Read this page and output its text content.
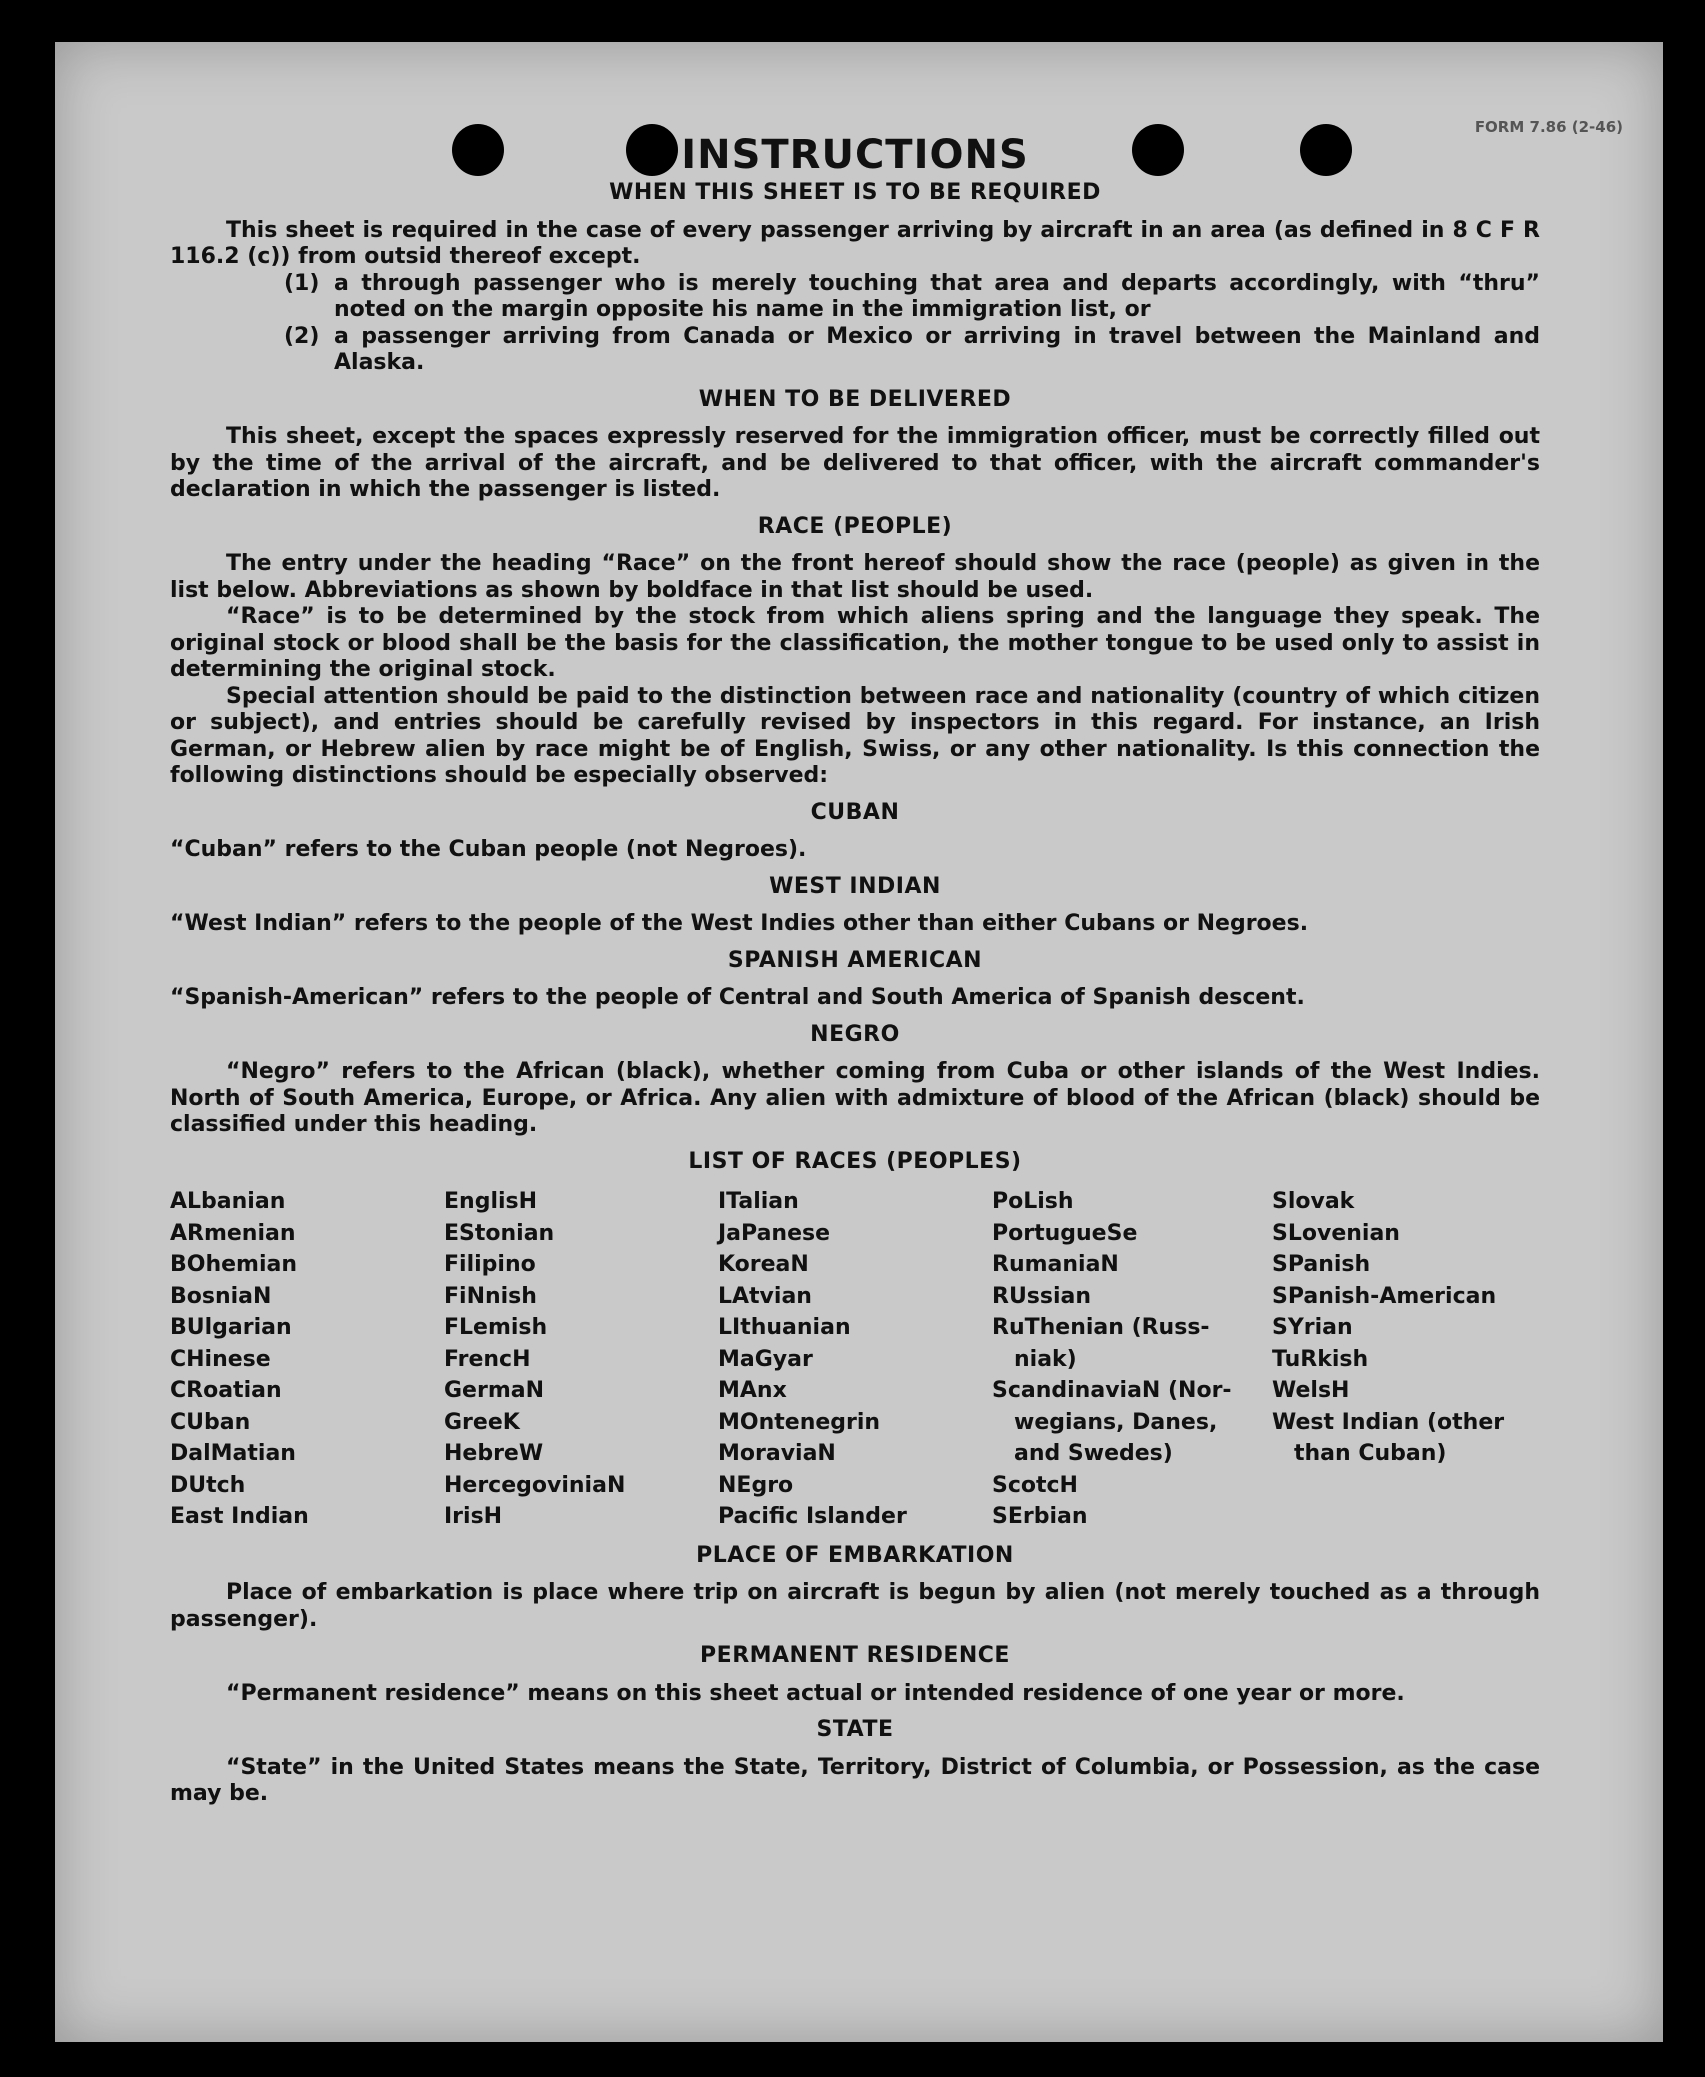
FORM 7.86 (2-46)
INSTRUCTIONS
WHEN THIS SHEET IS TO BE REQUIRED

This sheet is required in the case of every passenger arriving by aircraft in an area (as defined in 8 C F R 116.2 (c)) from outsid thereof except.

(1) a through passenger who is merely touching that area and departs accordingly, with “thru” noted on the margin opposite his name in the immigration list, or
(2) a passenger arriving from Canada or Mexico or arriving in travel between the Mainland and Alaska.
WHEN TO BE DELIVERED

This sheet, except the spaces expressly reserved for the immigration officer, must be correctly filled out by the time of the arrival of the aircraft, and be delivered to that officer, with the aircraft commander's declaration in which the passenger is listed.

RACE (PEOPLE)

The entry under the heading “Race” on the front hereof should show the race (people) as given in the list below. Abbreviations as shown by boldface in that list should be used.

“Race” is to be determined by the stock from which aliens spring and the language they speak. The original stock or blood shall be the basis for the classification, the mother tongue to be used only to assist in determining the original stock.

Special attention should be paid to the distinction between race and nationality (country of which citizen or subject), and entries should be carefully revised by inspectors in this regard. For instance, an Irish German, or Hebrew alien by race might be of English, Swiss, or any other nationality. Is this connection the following distinctions should be especially observed:

CUBAN

“Cuban” refers to the Cuban people (not Negroes).

WEST INDIAN

“West Indian” refers to the people of the West Indies other than either Cubans or Negroes.

SPANISH AMERICAN

“Spanish-American” refers to the people of Central and South America of Spanish descent.

NEGRO

“Negro” refers to the African (black), whether coming from Cuba or other islands of the West Indies. North of South America, Europe, or Africa. Any alien with admixture of blood of the African (black) should be classified under this heading.

LIST OF RACES (PEOPLES)
ALbanian
ARmenian
BOhemian
BosniaN
BUlgarian
CHinese
CRoatian
CUban
DalMatian
DUtch
East Indian
EnglisH
EStonian
Filipino
FiNnish
FLemish
FrencH
GermaN
GreeK
HebreW
HercegoviniaN
IrisH
ITalian
JaPanese
KoreaN
LAtvian
LIthuanian
MaGyar
MAnx
MOntenegrin
MoraviaN
NEgro
Pacific Islander
PoLish
PortugueSe
RumaniaN
RUssian
RuThenian (Russ-
niak)
ScandinaviaN (Nor-
wegians, Danes,
and Swedes)
ScotcH
SErbian
Slovak
SLovenian
SPanish
SPanish-American
SYrian
TuRkish
WelsH
West Indian (other
than Cuban)
PLACE OF EMBARKATION

Place of embarkation is place where trip on aircraft is begun by alien (not merely touched as a through passenger).

PERMANENT RESIDENCE

“Permanent residence” means on this sheet actual or intended residence of one year or more.

STATE

“State” in the United States means the State, Territory, District of Columbia, or Possession, as the case may be.
